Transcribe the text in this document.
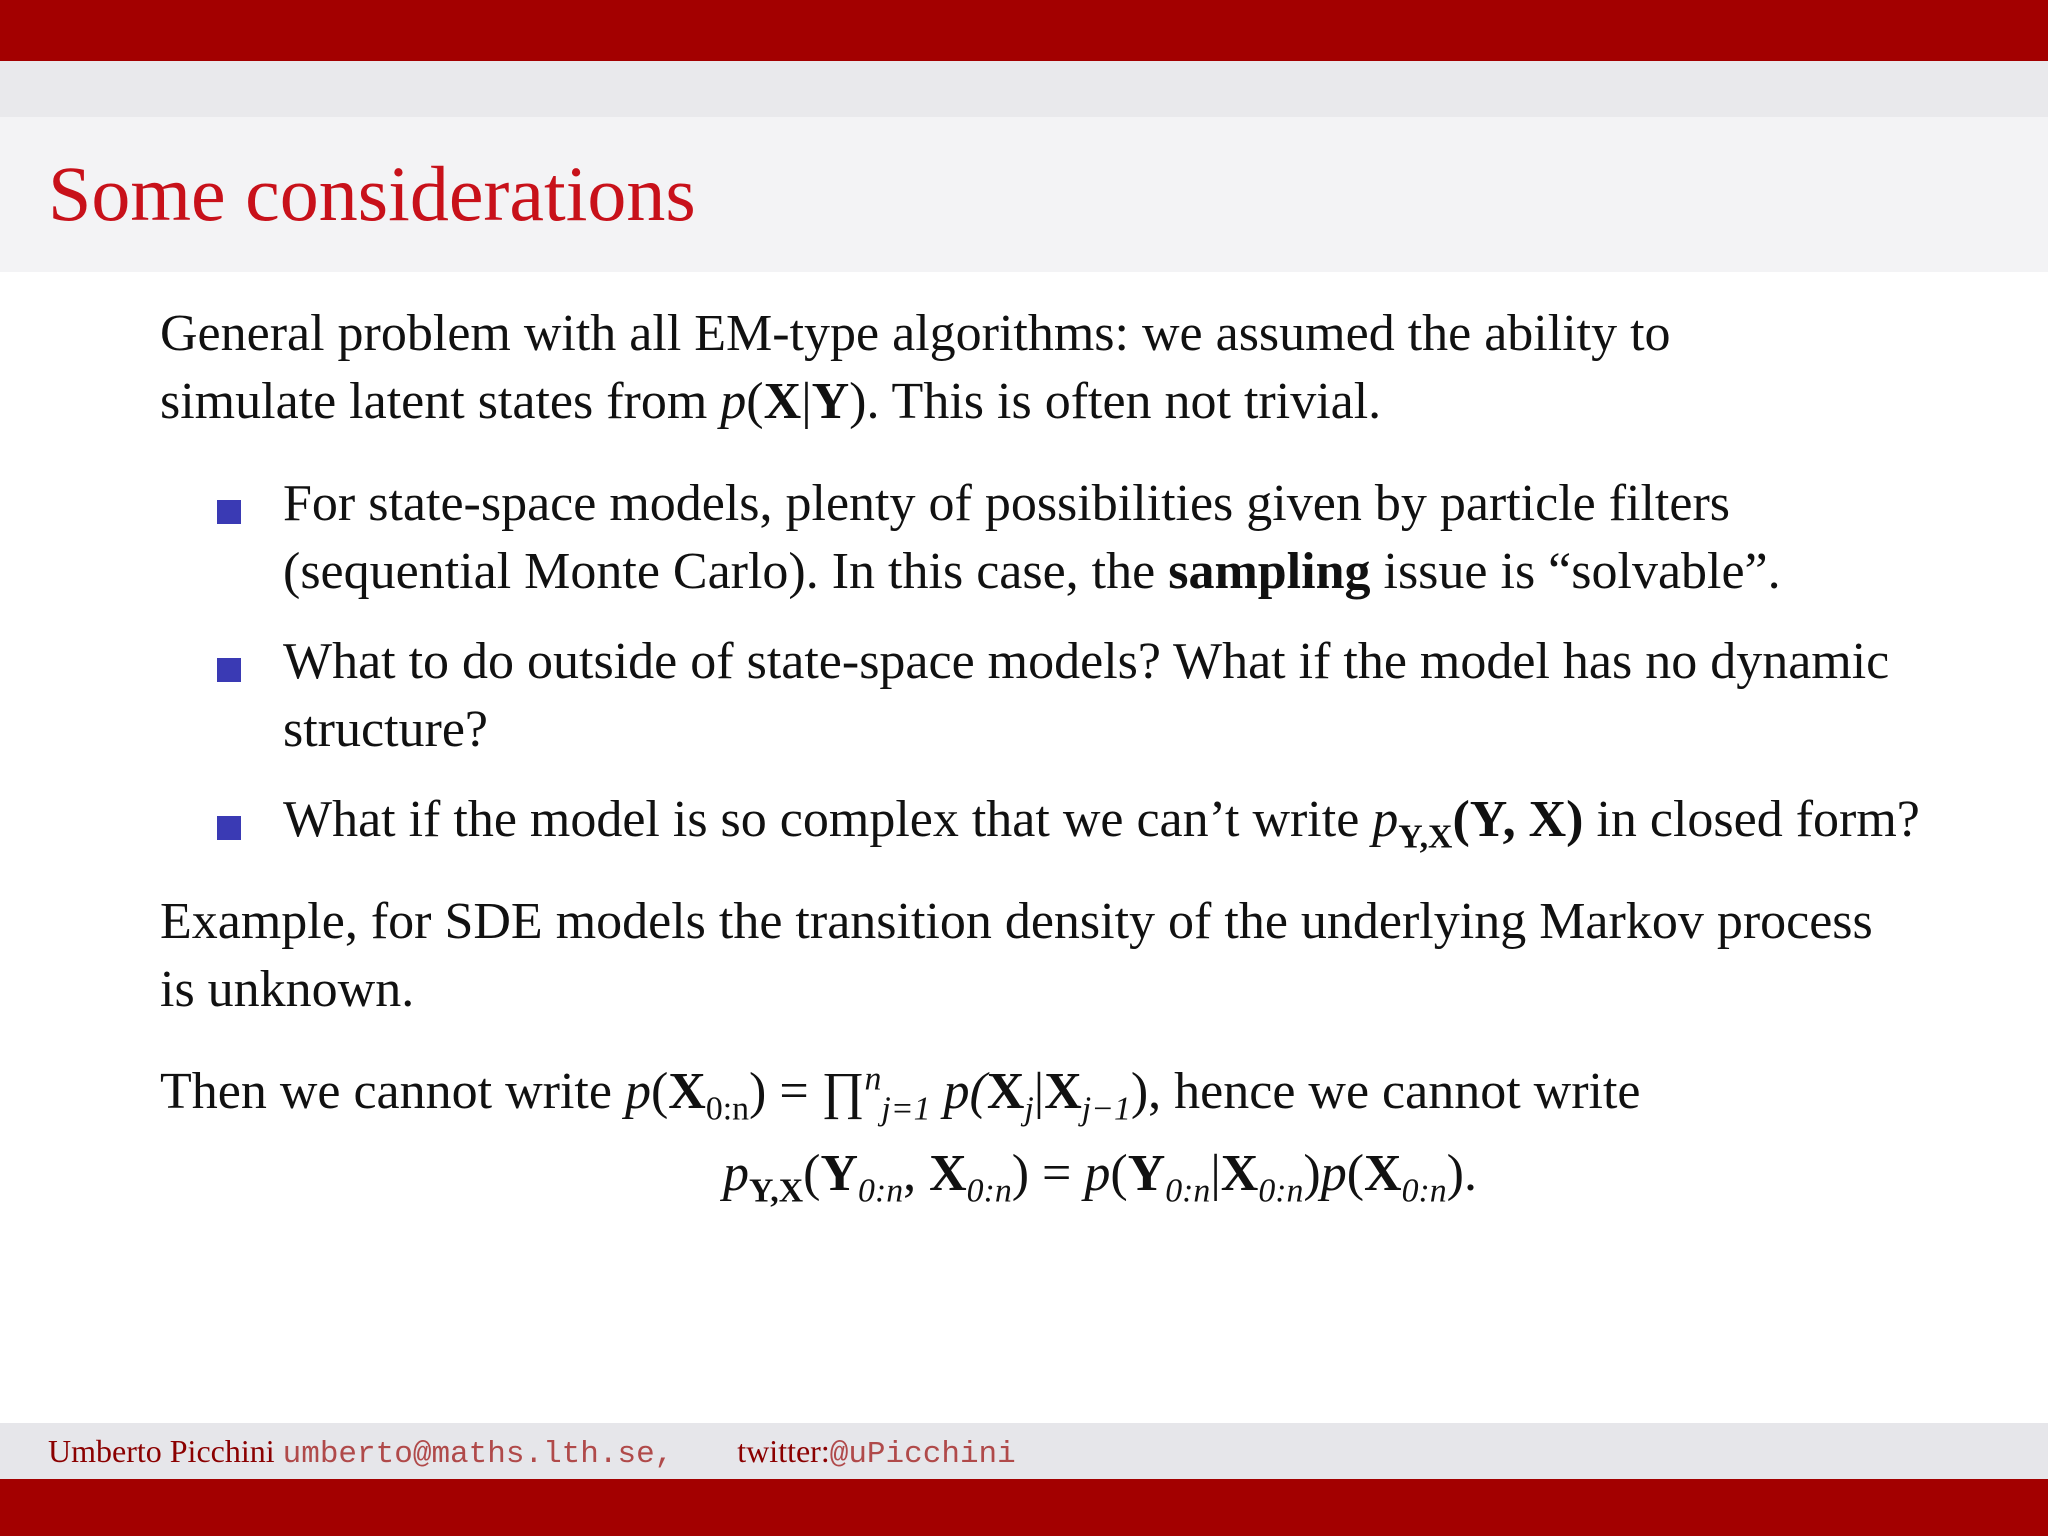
Some considerations

General problem with all EM-type algorithms: we assumed the ability to
simulate latent states from p(X|Y). This is often not trivial.

For state-space models, plenty of possibilities given by particle filters (sequential Monte Carlo). In this case, the sampling issue is “solvable”.
What to do outside of state-space models? What if the model has no dynamic structure?
What if the model is so complex that we can’t write $p_{Y,X}(Y$, X) in closed form?

Example, for SDE models the transition density of the underlying Markov process is unknown.

Then we cannot write $p(X_{0:n})$ = ∏$^n_{j=1}$ $p(X_j|X_{j-1})$, hence we cannot write

$p_{Y,X}(Y_{0:n}$, $X_{0:n}) = p(Y_{0:n}|X_{0:n})p(X_{0:n})$.

Umberto Picchini umberto@maths.lth.se, twitter:@uPicchini
